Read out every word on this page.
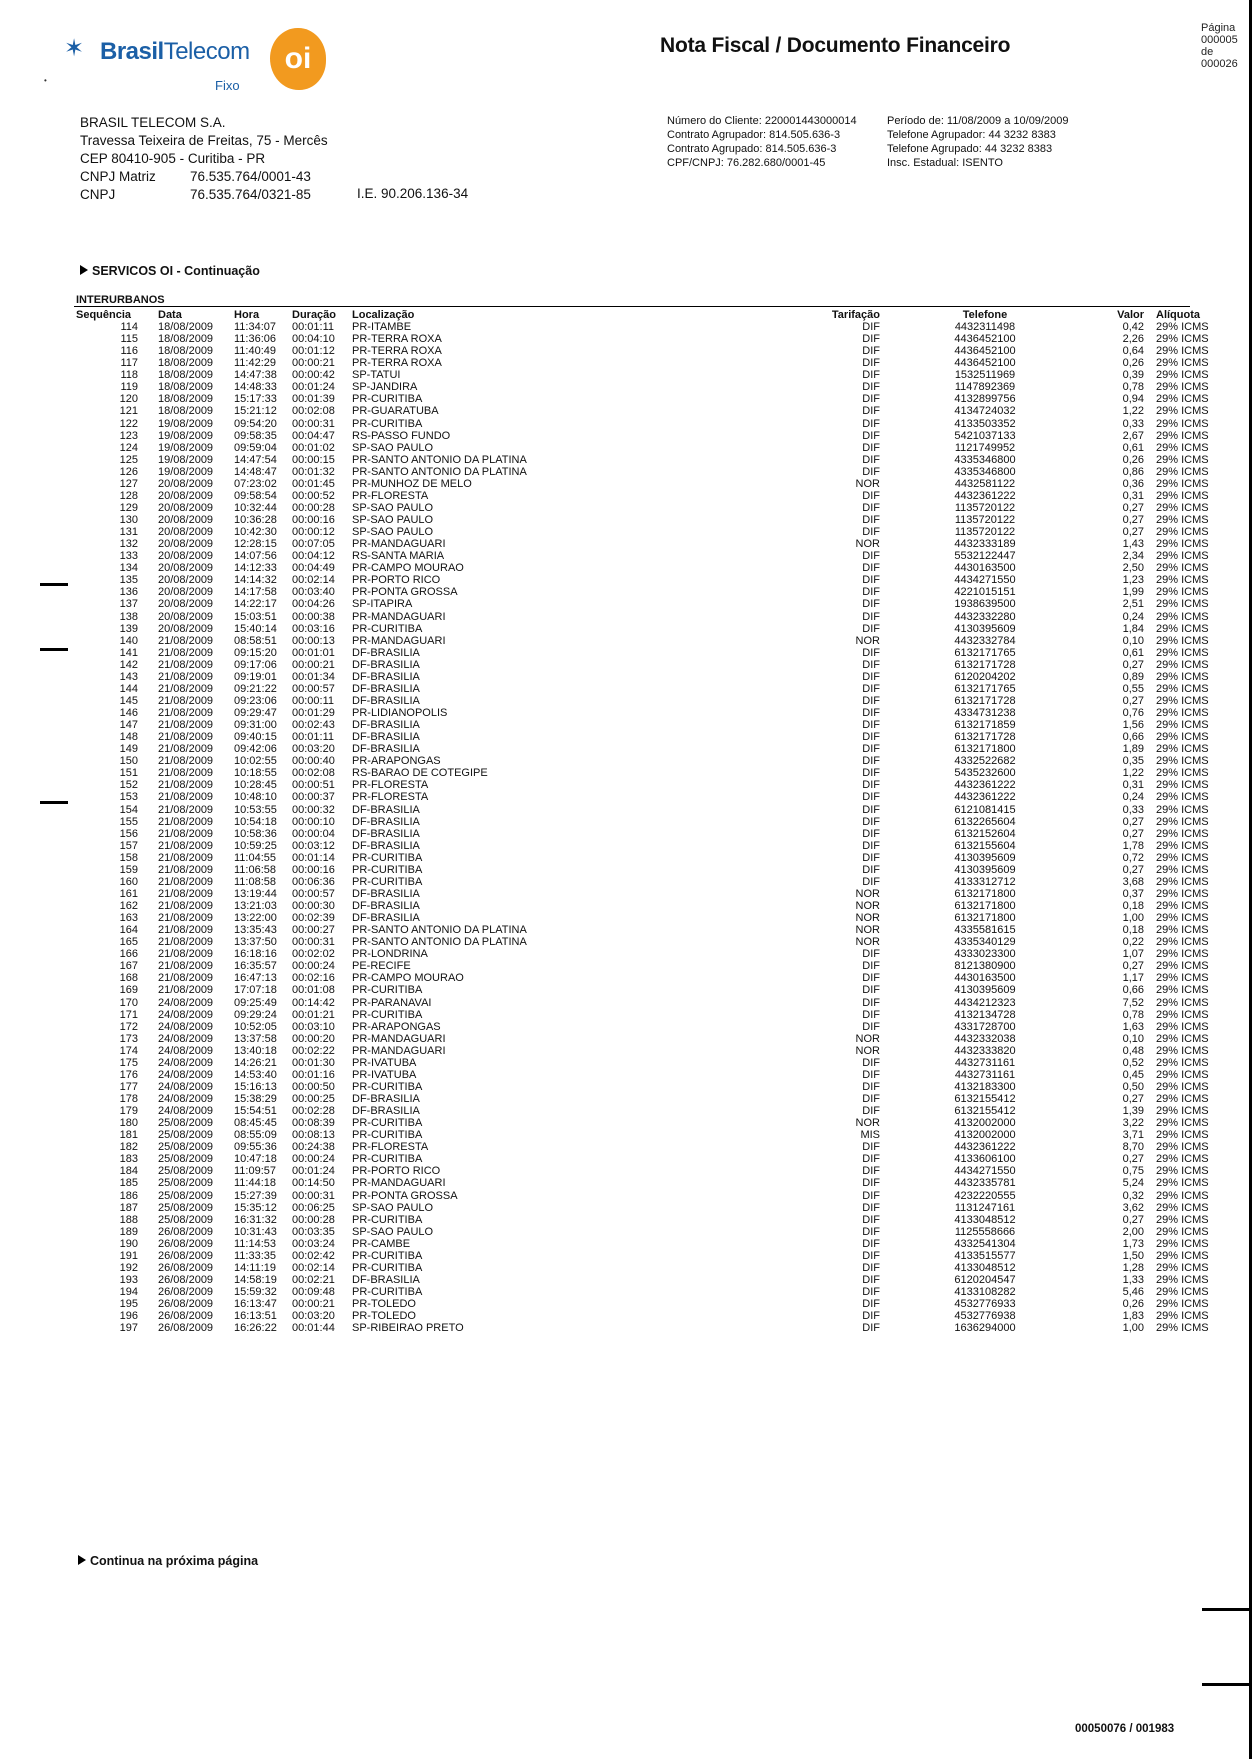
•
✶ BrasilTelecom
Fixo
oi	Nota Fiscal / Documento Financeiro
Página
000005 de
000026
BRASIL TELECOM S.A.
Travessa Teixeira de Freitas, 75 - Mercês
CEP 80410-905 - Curitiba - PR
CNPJ Matriz	76.535.764/0001-43
CNPJ	76.535.764/0321-85	I.E. 90.206.136-34
Número do Cliente: 220001443000014
Contrato Agrupador: 814.505.636-3
Contrato Agrupado: 814.505.636-3
CPF/CNPJ: 76.282.680/0001-45
Período de: 11/08/2009 a 10/09/2009
Telefone Agrupador: 44 3232 8383
Telefone Agrupado: 44 3232 8383
Insc. Estadual: ISENTO
SERVICOS OI - Continuação
INTERURBANOS
Sequência	Data	Hora	Duração Localização	Tarifação	Telefone	Valor Alíquota
114 18/08/2009 11:34:07 00:01:11 PR-ITAMBE	DIF	4432311498	0,42 29% ICMS
115 18/08/2009 11:36:06 00:04:10 PR-TERRA ROXA	DIF	4436452100	2,26 29% ICMS
116 18/08/2009 11:40:49 00:01:12 PR-TERRA ROXA	DIF	4436452100	0,64 29% ICMS
117 18/08/2009 11:42:29 00:00:21 PR-TERRA ROXA	DIF	4436452100	0,26 29% ICMS
118 18/08/2009 14:47:38 00:00:42 SP-TATUI	DIF	1532511969	0,39 29% ICMS
119 18/08/2009 14:48:33 00:01:24 SP-JANDIRA	DIF	1147892369	0,78 29% ICMS
120 18/08/2009 15:17:33 00:01:39 PR-CURITIBA	DIF	4132899756	0,94 29% ICMS
121 18/08/2009 15:21:12 00:02:08 PR-GUARATUBA	DIF	4134724032	1,22 29% ICMS
122 19/08/2009 09:54:20 00:00:31 PR-CURITIBA	DIF	4133503352	0,33 29% ICMS
123 19/08/2009 09:58:35 00:04:47 RS-PASSO FUNDO	DIF	5421037133	2,67 29% ICMS
124 19/08/2009 09:59:04 00:01:02 SP-SAO PAULO	DIF	1121749952	0,61 29% ICMS
125 19/08/2009 14:47:54 00:00:15 PR-SANTO ANTONIO DA PLATINA	DIF	4335346800	0,26 29% ICMS
126 19/08/2009 14:48:47 00:01:32 PR-SANTO ANTONIO DA PLATINA	DIF	4335346800	0,86 29% ICMS
127 20/08/2009 07:23:02 00:01:45 PR-MUNHOZ DE MELO	NOR	4432581122	0,36 29% ICMS
128 20/08/2009 09:58:54 00:00:52 PR-FLORESTA	DIF	4432361222	0,31 29% ICMS
129 20/08/2009 10:32:44 00:00:28 SP-SAO PAULO	DIF	1135720122	0,27 29% ICMS
130 20/08/2009 10:36:28 00:00:16 SP-SAO PAULO	DIF	1135720122	0,27 29% ICMS
131 20/08/2009 10:42:30 00:00:12 SP-SAO PAULO	DIF	1135720122	0,27 29% ICMS
132 20/08/2009 12:28:15 00:07:05 PR-MANDAGUARI	NOR	4432333189	1,43 29% ICMS
133 20/08/2009 14:07:56 00:04:12 RS-SANTA MARIA	DIF	5532122447	2,34 29% ICMS
134 20/08/2009 14:12:33 00:04:49 PR-CAMPO MOURAO	DIF	4430163500	2,50 29% ICMS
135 20/08/2009 14:14:32 00:02:14 PR-PORTO RICO	DIF	4434271550	1,23 29% ICMS
136 20/08/2009 14:17:58 00:03:40 PR-PONTA GROSSA	DIF	4221015151	1,99 29% ICMS
137 20/08/2009 14:22:17 00:04:26 SP-ITAPIRA	DIF	1938639500	2,51 29% ICMS
138 20/08/2009 15:03:51 00:00:38 PR-MANDAGUARI	DIF	4432332280	0,24 29% ICMS
139 20/08/2009 15:40:14 00:03:16 PR-CURITIBA	DIF	4130395609	1,84 29% ICMS
140 21/08/2009 08:58:51 00:00:13 PR-MANDAGUARI	NOR	4432332784	0,10 29% ICMS
141 21/08/2009 09:15:20 00:01:01 DF-BRASILIA	DIF	6132171765	0,61 29% ICMS
142 21/08/2009 09:17:06 00:00:21 DF-BRASILIA	DIF	6132171728	0,27 29% ICMS
143 21/08/2009 09:19:01 00:01:34 DF-BRASILIA	DIF	6120204202	0,89 29% ICMS
144 21/08/2009 09:21:22 00:00:57 DF-BRASILIA	DIF	6132171765	0,55 29% ICMS
145 21/08/2009 09:23:06 00:00:11 DF-BRASILIA	DIF	6132171728	0,27 29% ICMS
146 21/08/2009 09:29:47 00:01:29 PR-LIDIANOPOLIS	DIF	4334731238	0,76 29% ICMS
147 21/08/2009 09:31:00 00:02:43 DF-BRASILIA	DIF	6132171859	1,56 29% ICMS
148 21/08/2009 09:40:15 00:01:11 DF-BRASILIA	DIF	6132171728	0,66 29% ICMS
149 21/08/2009 09:42:06 00:03:20 DF-BRASILIA	DIF	6132171800	1,89 29% ICMS
150 21/08/2009 10:02:55 00:00:40 PR-ARAPONGAS	DIF	4332522682	0,35 29% ICMS
151 21/08/2009 10:18:55 00:02:08 RS-BARAO DE COTEGIPE	DIF	5435232600	1,22 29% ICMS
152 21/08/2009 10:28:45 00:00:51 PR-FLORESTA	DIF	4432361222	0,31 29% ICMS
153 21/08/2009 10:48:10 00:00:37 PR-FLORESTA	DIF	4432361222	0,24 29% ICMS
154 21/08/2009 10:53:55 00:00:32 DF-BRASILIA	DIF	6121081415	0,33 29% ICMS
155 21/08/2009 10:54:18 00:00:10 DF-BRASILIA	DIF	6132265604	0,27 29% ICMS
156 21/08/2009 10:58:36 00:00:04 DF-BRASILIA	DIF	6132152604	0,27 29% ICMS
157 21/08/2009 10:59:25 00:03:12 DF-BRASILIA	DIF	6132155604	1,78 29% ICMS
158 21/08/2009 11:04:55 00:01:14 PR-CURITIBA	DIF	4130395609	0,72 29% ICMS
159 21/08/2009 11:06:58 00:00:16 PR-CURITIBA	DIF	4130395609	0,27 29% ICMS
160 21/08/2009 11:08:58 00:06:36 PR-CURITIBA	DIF	4133312712	3,68 29% ICMS
161 21/08/2009 13:19:44 00:00:57 DF-BRASILIA	NOR	6132171800	0,37 29% ICMS
162 21/08/2009 13:21:03 00:00:30 DF-BRASILIA	NOR	6132171800	0,18 29% ICMS
163 21/08/2009 13:22:00 00:02:39 DF-BRASILIA	NOR	6132171800	1,00 29% ICMS
164 21/08/2009 13:35:43 00:00:27 PR-SANTO ANTONIO DA PLATINA	NOR	4335581615	0,18 29% ICMS
165 21/08/2009 13:37:50 00:00:31 PR-SANTO ANTONIO DA PLATINA	NOR	4335340129	0,22 29% ICMS
166 21/08/2009 16:18:16 00:02:02 PR-LONDRINA	DIF	4333023300	1,07 29% ICMS
167 21/08/2009 16:35:57 00:00:24 PE-RECIFE	DIF	8121380900	0,27 29% ICMS
168 21/08/2009 16:47:13 00:02:16 PR-CAMPO MOURAO	DIF	4430163500	1,17 29% ICMS
169 21/08/2009 17:07:18 00:01:08 PR-CURITIBA	DIF	4130395609	0,66 29% ICMS
170 24/08/2009 09:25:49 00:14:42 PR-PARANAVAI	DIF	4434212323	7,52 29% ICMS
171 24/08/2009 09:29:24 00:01:21 PR-CURITIBA	DIF	4132134728	0,78 29% ICMS
172 24/08/2009 10:52:05 00:03:10 PR-ARAPONGAS	DIF	4331728700	1,63 29% ICMS
173 24/08/2009 13:37:58 00:00:20 PR-MANDAGUARI	NOR	4432332038	0,10 29% ICMS
174 24/08/2009 13:40:18 00:02:22 PR-MANDAGUARI	NOR	4432333820	0,48 29% ICMS
175 24/08/2009 14:26:21 00:01:30 PR-IVATUBA	DIF	4432731161	0,52 29% ICMS
176 24/08/2009 14:53:40 00:01:16 PR-IVATUBA	DIF	4432731161	0,45 29% ICMS
177 24/08/2009 15:16:13 00:00:50 PR-CURITIBA	DIF	4132183300	0,50 29% ICMS
178 24/08/2009 15:38:29 00:00:25 DF-BRASILIA	DIF	6132155412	0,27 29% ICMS
179 24/08/2009 15:54:51 00:02:28 DF-BRASILIA	DIF	6132155412	1,39 29% ICMS
180 25/08/2009 08:45:45 00:08:39 PR-CURITIBA	NOR	4132002000	3,22 29% ICMS
181 25/08/2009 08:55:09 00:08:13 PR-CURITIBA	MIS	4132002000	3,71 29% ICMS
182 25/08/2009 09:55:36 00:24:38 PR-FLORESTA	DIF	4432361222	8,70 29% ICMS
183 25/08/2009 10:47:18 00:00:24 PR-CURITIBA	DIF	4133606100	0,27 29% ICMS
184 25/08/2009 11:09:57 00:01:24 PR-PORTO RICO	DIF	4434271550	0,75 29% ICMS
185 25/08/2009 11:44:18 00:14:50 PR-MANDAGUARI	DIF	4432335781	5,24 29% ICMS
186 25/08/2009 15:27:39 00:00:31 PR-PONTA GROSSA	DIF	4232220555	0,32 29% ICMS
187 25/08/2009 15:35:12 00:06:25 SP-SAO PAULO	DIF	1131247161	3,62 29% ICMS
188 25/08/2009 16:31:32 00:00:28 PR-CURITIBA	DIF	4133048512	0,27 29% ICMS
189 26/08/2009 10:31:43 00:03:35 SP-SAO PAULO	DIF	1125558666	2,00 29% ICMS
190 26/08/2009 11:14:53 00:03:24 PR-CAMBE	DIF	4332541304	1,73 29% ICMS
191 26/08/2009 11:33:35 00:02:42 PR-CURITIBA	DIF	4133515577	1,50 29% ICMS
192 26/08/2009 14:11:19 00:02:14 PR-CURITIBA	DIF	4133048512	1,28 29% ICMS
193 26/08/2009 14:58:19 00:02:21 DF-BRASILIA	DIF	6120204547	1,33 29% ICMS
194 26/08/2009 15:59:32 00:09:48 PR-CURITIBA	DIF	4133108282	5,46 29% ICMS
195 26/08/2009 16:13:47 00:00:21 PR-TOLEDO	DIF	4532776933	0,26 29% ICMS
196 26/08/2009 16:13:51 00:03:20 PR-TOLEDO	DIF	4532776938	1,83 29% ICMS
197 26/08/2009 16:26:22 00:01:44 SP-RIBEIRAO PRETO	DIF	1636294000	1,00 29% ICMS
Continua na próxima página
00050076 / 001983
